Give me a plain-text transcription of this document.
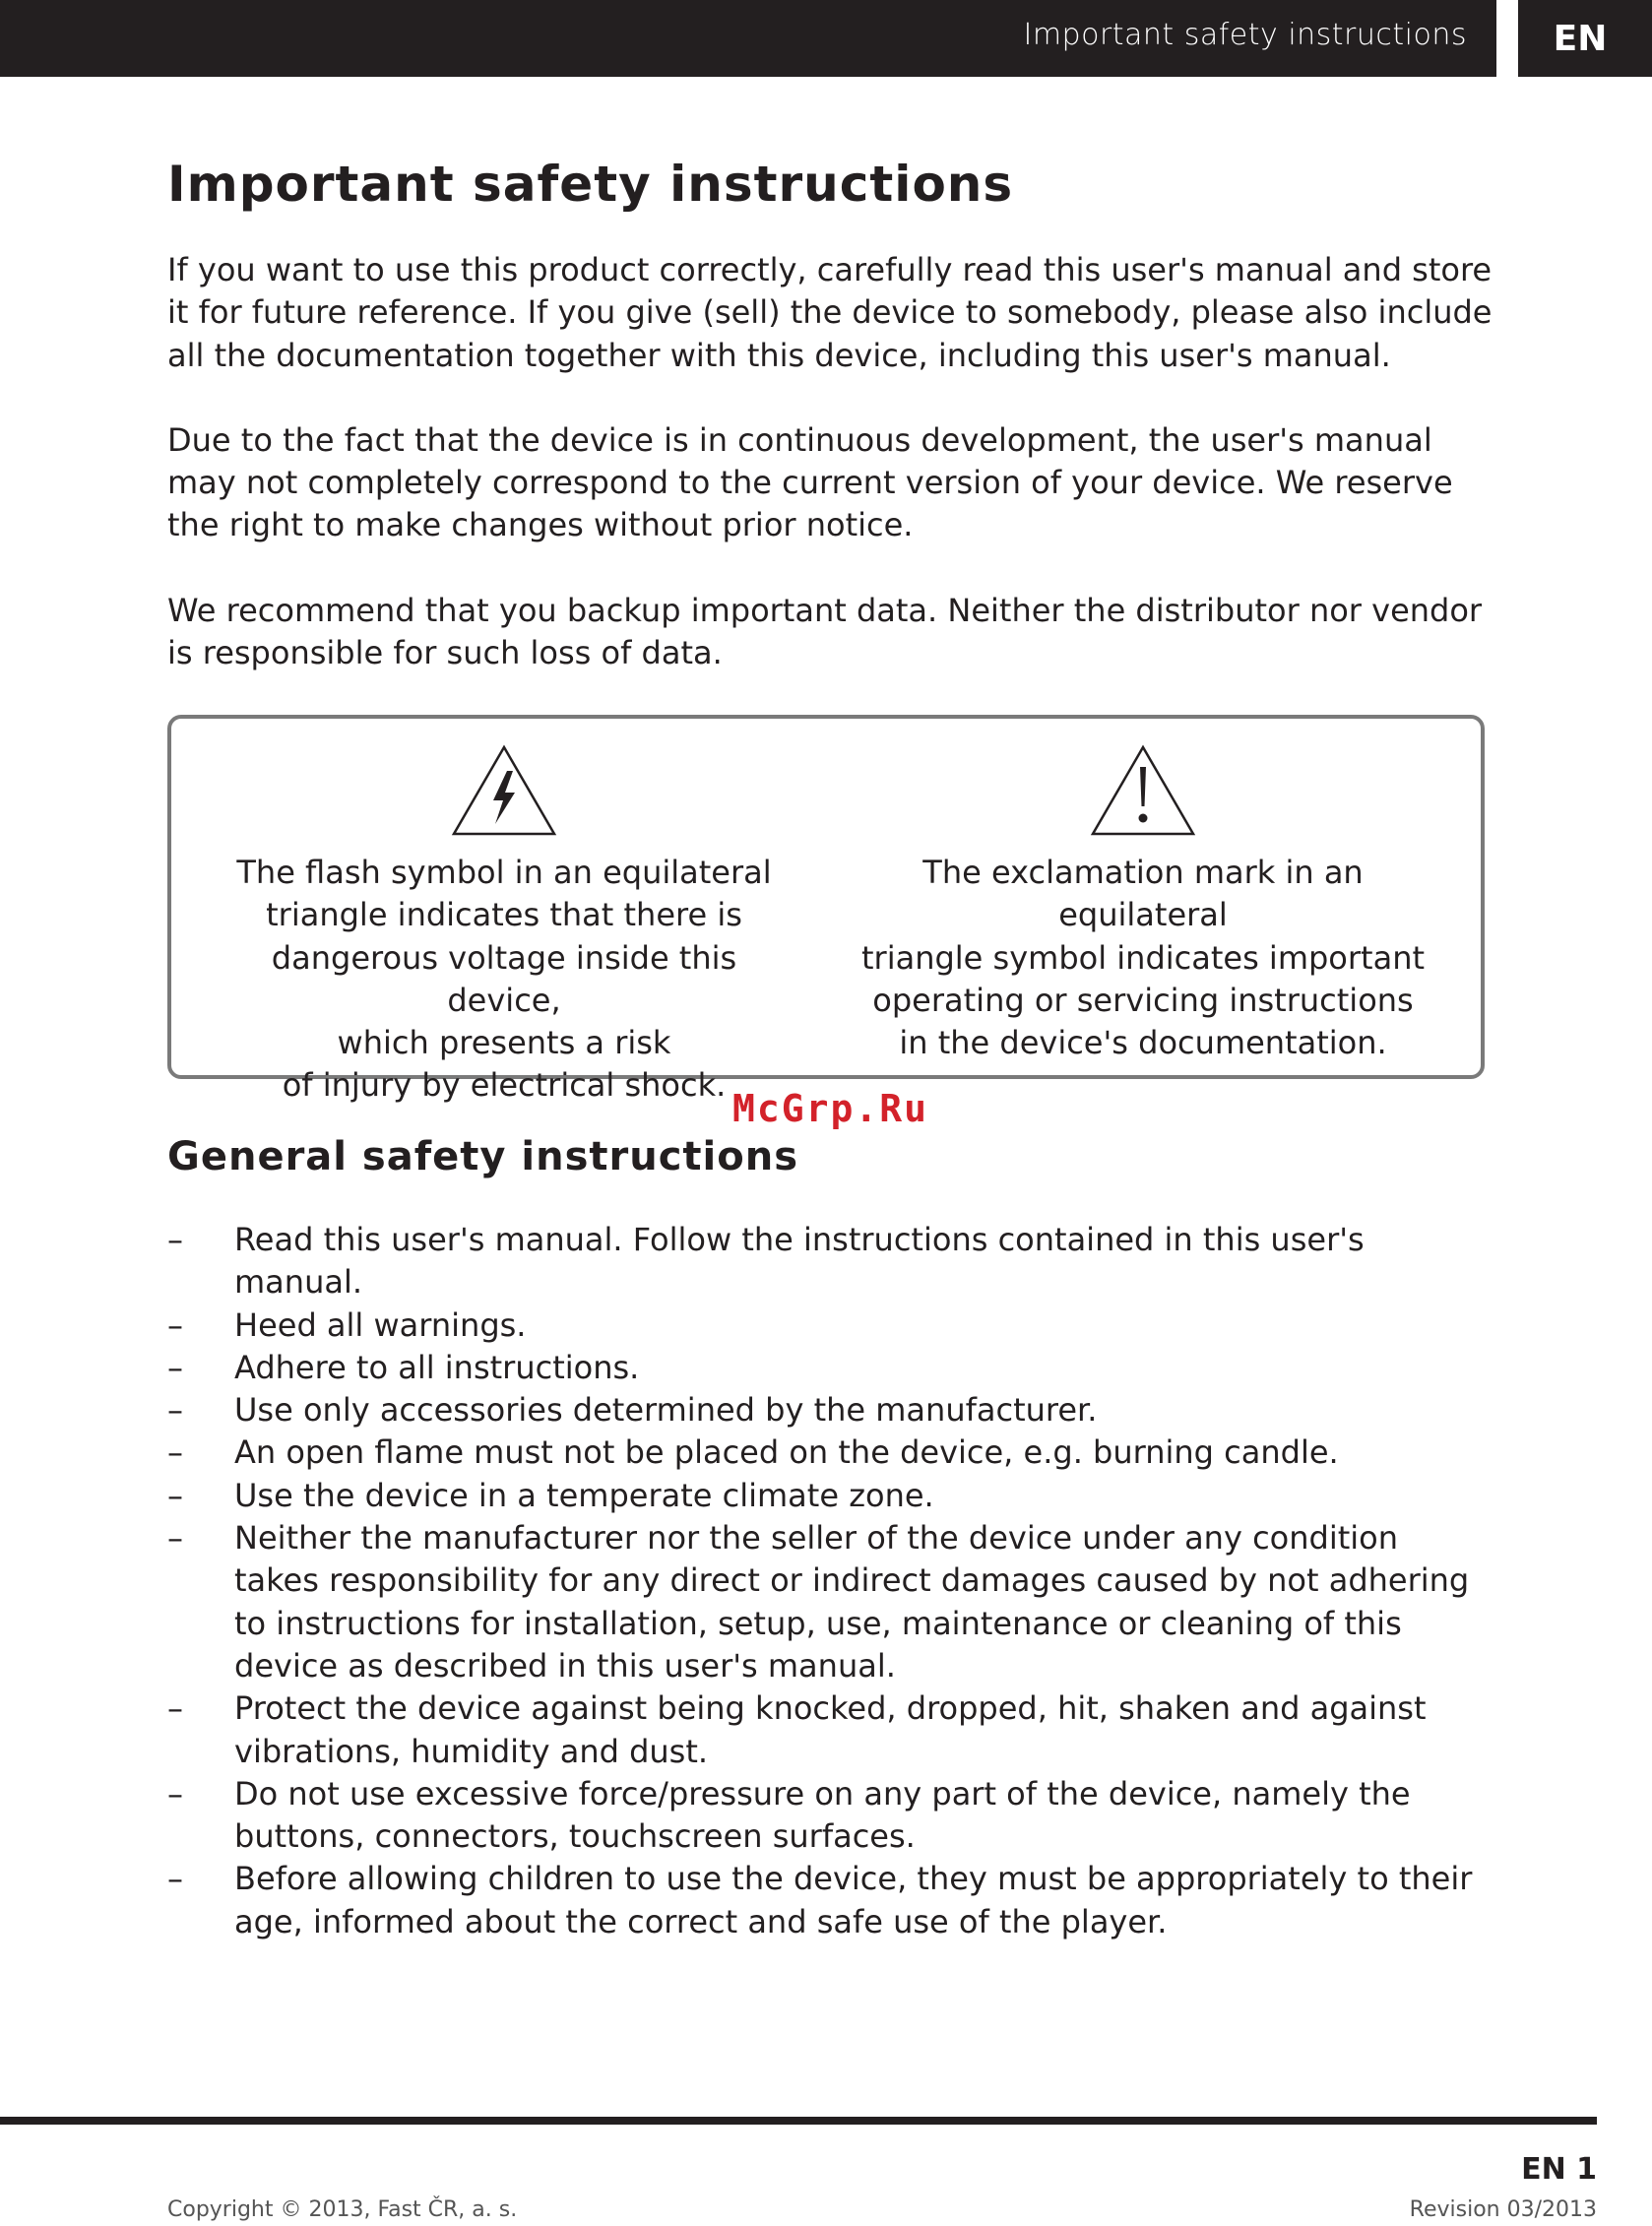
Important safety instructions	EN
Important safety instructions

If you want to use this product correctly, carefully read this user's manual and store it for future reference. If you give (sell) the device to somebody, please also include all the documentation together with this device, including this user's manual.

Due to the fact that the device is in continuous development, the user's manual may not completely correspond to the current version of your device. We reserve the right to make changes without prior notice.

We recommend that you backup important data. Neither the distributor nor vendor is responsible for such loss of data.

The flash symbol in an equilateral
triangle indicates that there is
dangerous voltage inside this device,
which presents a risk
of injury by electrical shock.
The exclamation mark in an equilateral
triangle symbol indicates important
operating or servicing instructions
in the device's documentation.
McGrp.Ru
General safety instructions
–	Read this user's manual. Follow the instructions contained in this user's manual.
–	Heed all warnings.
–	Adhere to all instructions.
–	Use only accessories determined by the manufacturer.
–	An open flame must not be placed on the device, e.g. burning candle.
–	Use the device in a temperate climate zone.
–	Neither the manufacturer nor the seller of the device under any condition takes responsibility for any direct or indirect damages caused by not adhering to instructions for installation, setup, use, maintenance or cleaning of this device as described in this user's manual.
–	Protect the device against being knocked, dropped, hit, shaken and against vibrations, humidity and dust.
–	Do not use excessive force/pressure on any part of the device, namely the buttons, connectors, touchscreen surfaces.
–	Before allowing children to use the device, they must be appropriately to their age, informed about the correct and safe use of the player.
EN 1
Copyright © 2013, Fast ČR, a. s.	Revision 03/2013
